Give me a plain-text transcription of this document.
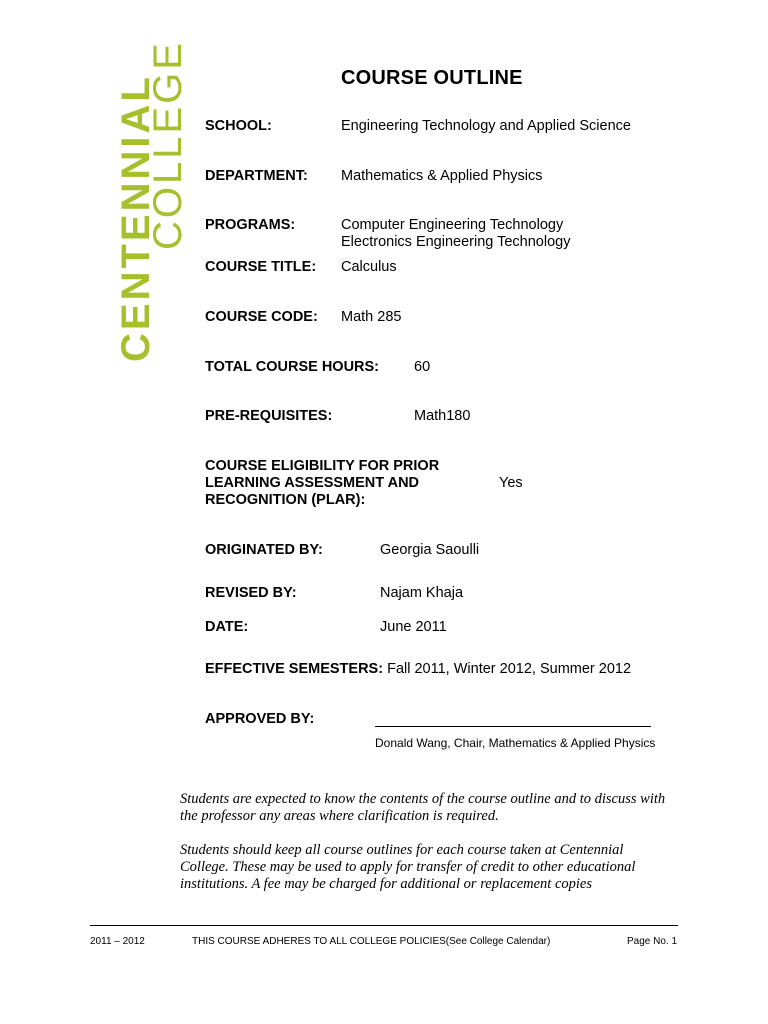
CENTENNIAL
COLLEGE	COURSE OUTLINE
SCHOOL:	Engineering Technology and Applied Science
DEPARTMENT: Mathematics & Applied Physics
PROGRAMS:	Computer Engineering Technology
Electronics Engineering Technology
COURSE TITLE: Calculus
COURSE CODE: Math 285
TOTAL COURSE HOURS: 60
PRE-REQUISITES:	Math180
COURSE ELIGIBILITY FOR PRIOR
LEARNING ASSESSMENT AND
RECOGNITION (PLAR):
Yes
ORIGINATED BY:	Georgia Saoulli
REVISED BY:	Najam Khaja
DATE:	June 2011
EFFECTIVE SEMESTERS: Fall 2011, Winter 2012, Summer 2012
APPROVED BY:
Donald Wang, Chair, Mathematics & Applied Physics
Students are expected to know the contents of the course outline and to discuss with the professor any areas where clarification is required.
Students should keep all course outlines for each course taken at Centennial College. These may be used to apply for transfer of credit to other educational institutions. A fee may be charged for additional or replacement copies
2011 – 2012	THIS COURSE ADHERES TO ALL COLLEGE POLICIES(See College Calendar)	Page No. 1
